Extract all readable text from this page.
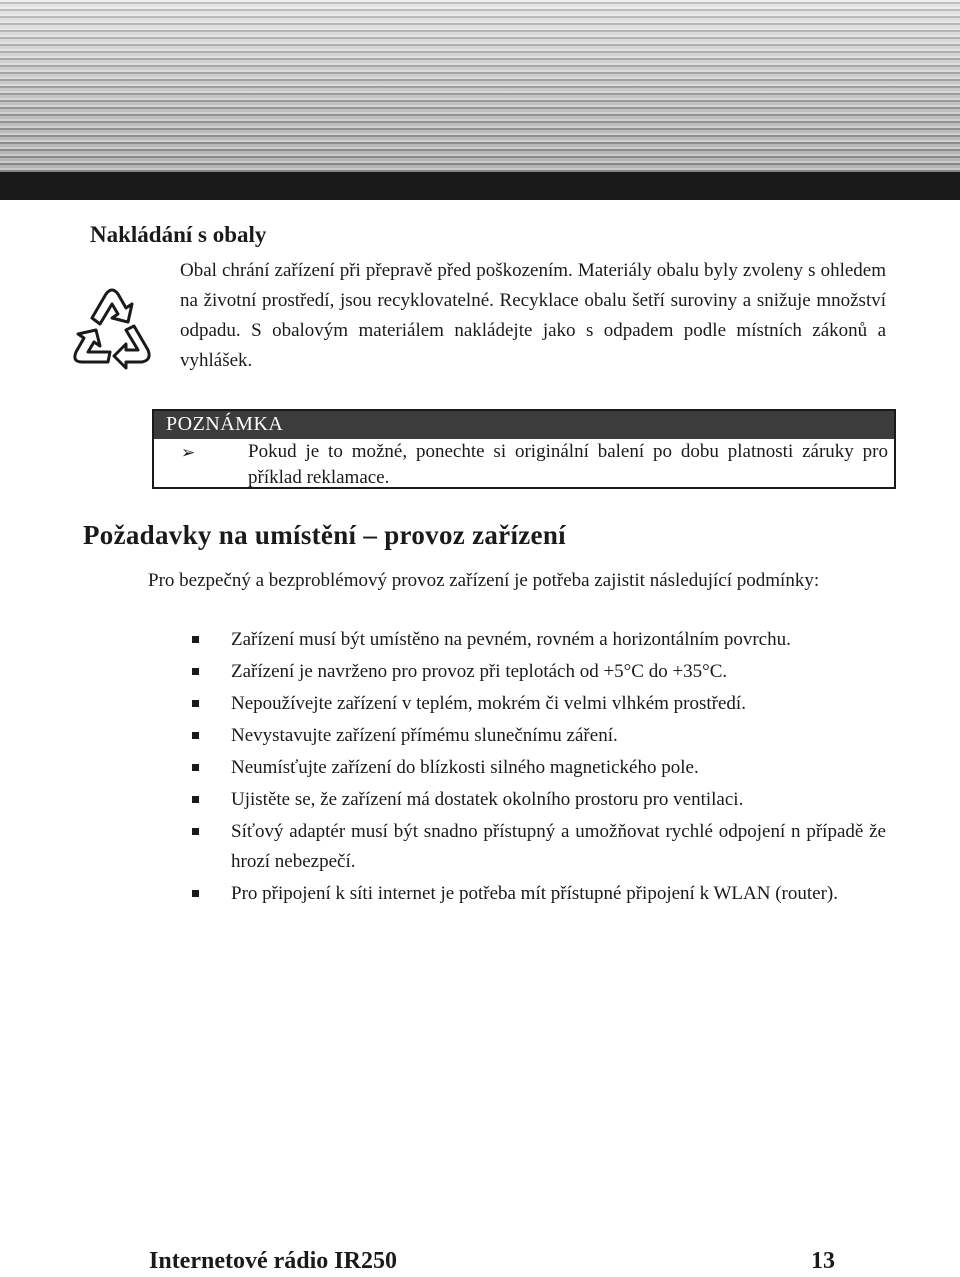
Nakládání s obaly

Obal chrání zařízení při přepravě před poškozením. Materiály obalu byly zvoleny s ohledem na životní prostředí, jsou recyklovatelné. Recyklace obalu šetří suroviny a snižuje množství odpadu. S obalovým materiálem nakládejte jako s odpadem podle místních zákonů a vyhlášek.

POZNÁMKA
➢	Pokud je to možné, ponechte si originální balení po dobu platnosti záruky pro příklad reklamace.
Požadavky na umístění – provoz zařízení
Pro bezpečný a bezproblémový provoz zařízení je potřeba zajistit následující podmínky:
Zařízení musí být umístěno na pevném, rovném a horizontálním povrchu.
Zařízení je navrženo pro provoz při teplotách od +5°C do +35°C.
Nepoužívejte zařízení v teplém, mokrém či velmi vlhkém prostředí.
Nevystavujte zařízení přímému slunečnímu záření.
Neumísťujte zařízení do blízkosti silného magnetického pole.
Ujistěte se, že zařízení má dostatek okolního prostoru pro ventilaci.
Síťový adaptér musí být snadno přístupný a umožňovat rychlé odpojení n případě že hrozí nebezpečí.
Pro připojení k síti internet je potřeba mít přístupné připojení k WLAN (router).
Internetové rádio IR250	13
